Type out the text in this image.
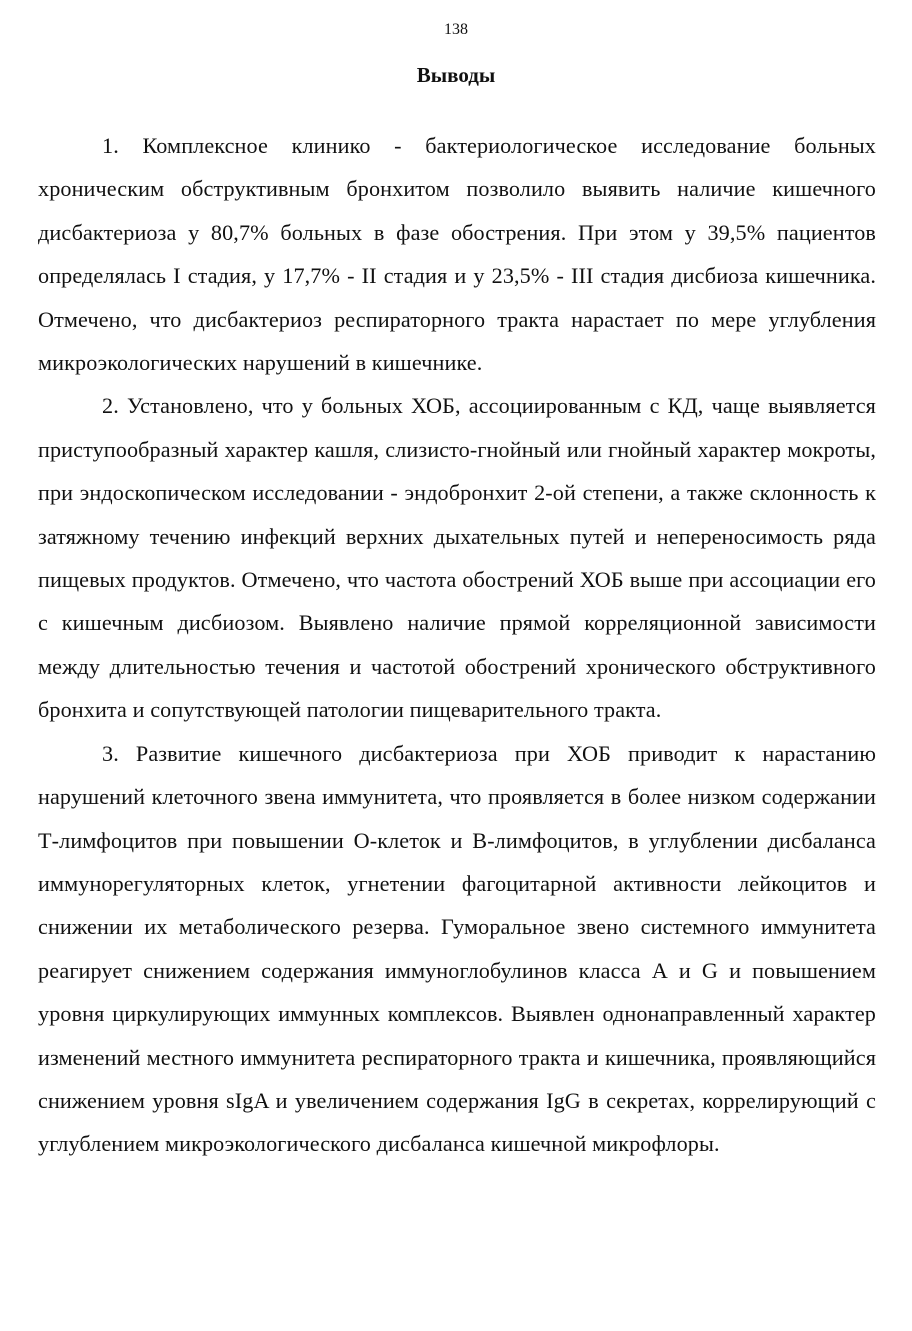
138
Выводы

1. Комплексное клинико - бактериологическое исследование больных хроническим обструктивным бронхитом позволило выявить наличие кишечного дисбактериоза у 80,7% больных в фазе обострения. При этом у 39,5% пациентов определялась I стадия, у 17,7% - II стадия и у 23,5% - III стадия дисбиоза кишечника. Отмечено, что дисбактериоз респираторного тракта нарастает по мере углубления микроэкологических нарушений в кишечнике.

2. Установлено, что у больных ХОБ, ассоциированным с КД, чаще выявляется приступообразный характер кашля, слизисто-гнойный или гнойный характер мокроты, при эндоскопическом исследовании - эндобронхит 2-ой степени, а также склонность к затяжному течению инфекций верхних дыхательных путей и непереносимость ряда пищевых продуктов. Отмечено, что частота обострений ХОБ выше при ассоциации его с кишечным дисбиозом. Выявлено наличие прямой корреляционной зависимости между длительностью течения и частотой обострений хронического обструктивного бронхита и сопутствующей патологии пищеварительного тракта.

3. Развитие кишечного дисбактериоза при ХОБ приводит к нарастанию нарушений клеточного звена иммунитета, что проявляется в более низком содержании Т-лимфоцитов при повышении О-клеток и В-лимфоцитов, в углублении дисбаланса иммунорегуляторных клеток, угнетении фагоцитарной активности лейкоцитов и снижении их метаболического резерва. Гуморальное звено системного иммунитета реагирует снижением содержания иммуноглобулинов класса А и G и повышением уровня циркулирующих иммунных комплексов. Выявлен однонаправленный характер изменений местного иммунитета респираторного тракта и кишечника, проявляющийся снижением уровня sIgA и увеличением содержания IgG в секретах, коррелирующий с углублением микроэкологического дисбаланса кишечной микрофлоры.
